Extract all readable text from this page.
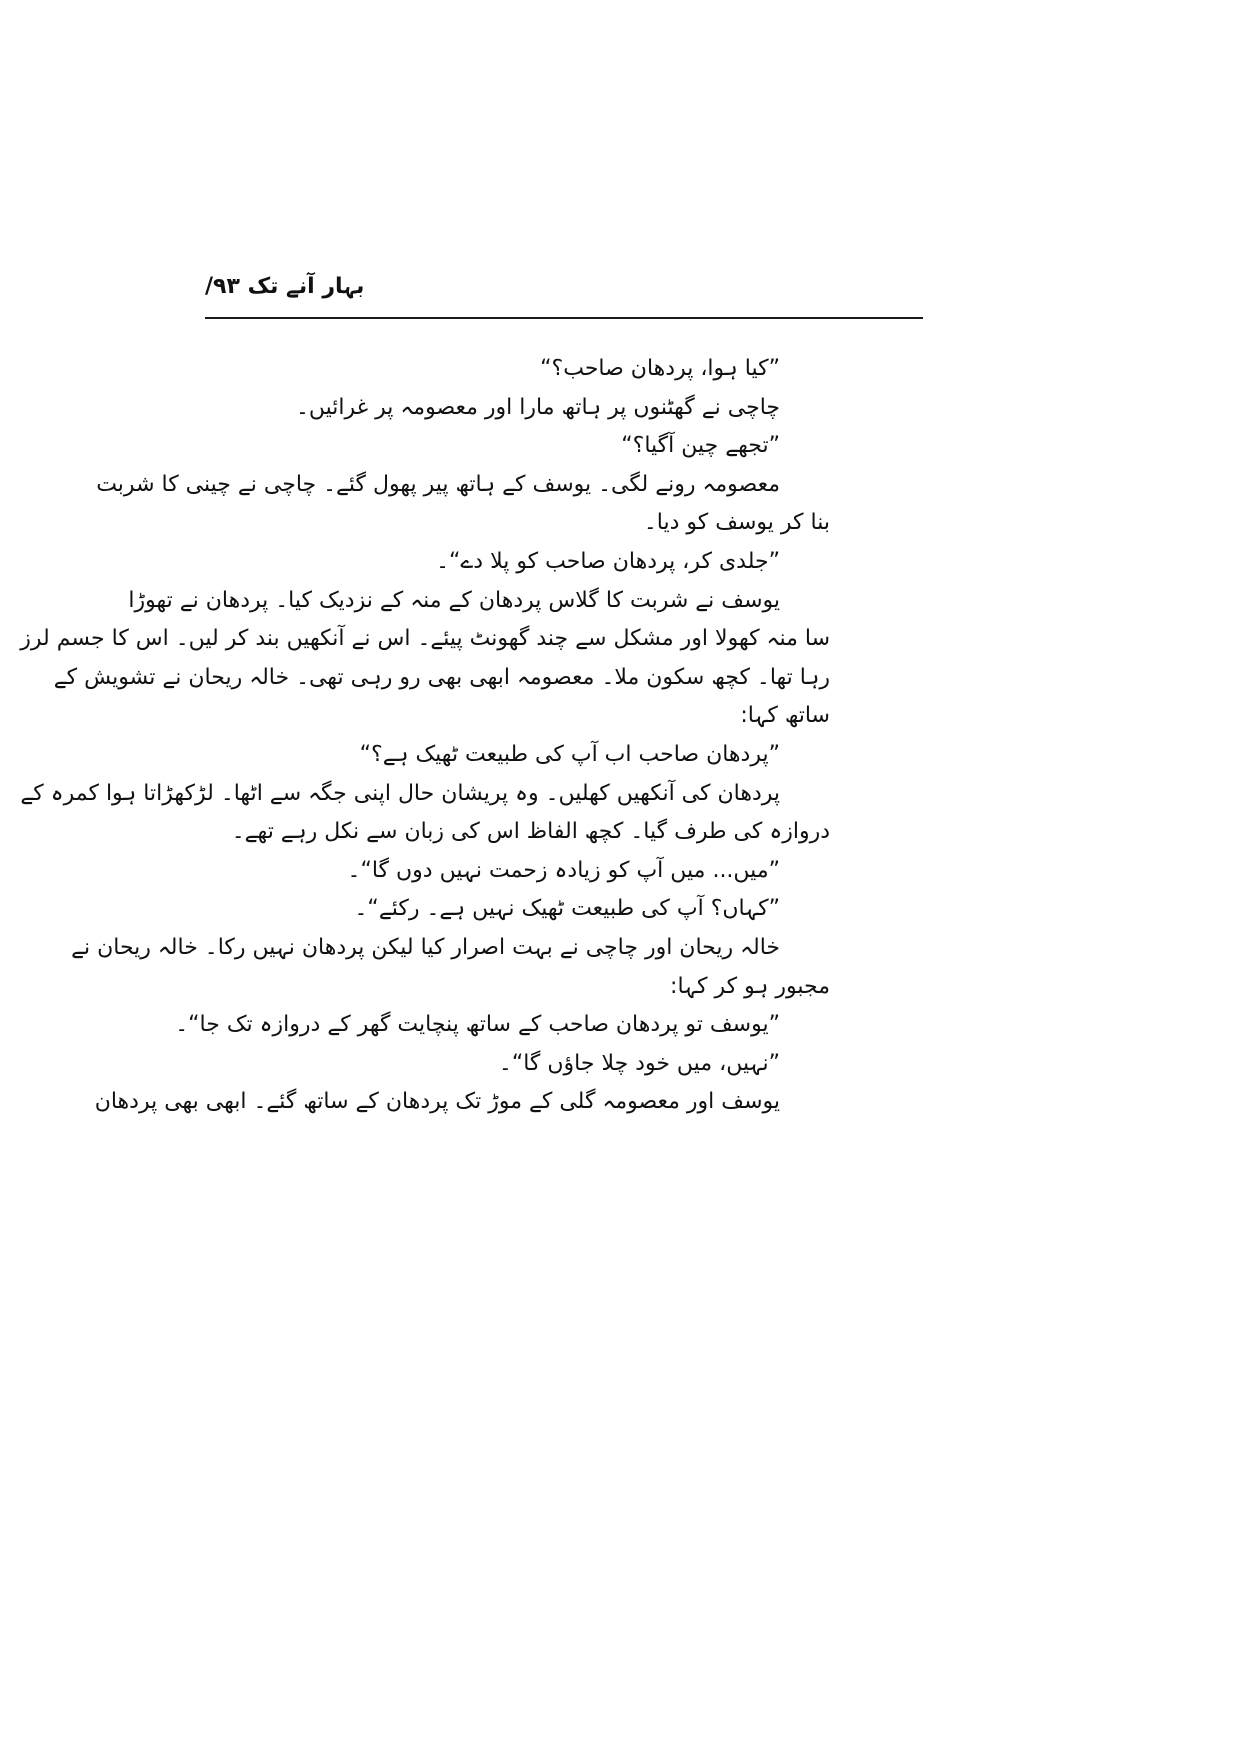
بہار آنے تک ۹۳/
”کیا ہوا، پردھان صاحب؟“
چاچی نے گھٹنوں پر ہاتھ مارا اور معصومہ پر غرائیں۔
”تجھے چین آگیا؟“
معصومہ رونے لگی۔ یوسف کے ہاتھ پیر پھول گئے۔ چاچی نے چینی کا شربت
بنا کر یوسف کو دیا۔
”جلدی کر، پردھان صاحب کو پلا دے“۔
یوسف نے شربت کا گلاس پردھان کے منہ کے نزدیک کیا۔ پردھان نے تھوڑا
سا منہ کھولا اور مشکل سے چند گھونٹ پیئے۔ اس نے آنکھیں بند کر لیں۔ اس کا جسم لرز
رہا تھا۔ کچھ سکون ملا۔ معصومہ ابھی بھی رو رہی تھی۔ خالہ ریحان نے تشویش کے
ساتھ کہا:
”پردھان صاحب اب آپ کی طبیعت ٹھیک ہے؟“
پردھان کی آنکھیں کھلیں۔ وہ پریشان حال اپنی جگہ سے اٹھا۔ لڑکھڑاتا ہوا کمرہ کے
دروازہ کی طرف گیا۔ کچھ الفاظ اس کی زبان سے نکل رہے تھے۔
”میں... میں آپ کو زیادہ زحمت نہیں دوں گا“۔
”کہاں؟ آپ کی طبیعت ٹھیک نہیں ہے۔ رکئے“۔
خالہ ریحان اور چاچی نے بہت اصرار کیا لیکن پردھان نہیں رکا۔ خالہ ریحان نے
مجبور ہو کر کہا:
”یوسف تو پردھان صاحب کے ساتھ پنچایت گھر کے دروازہ تک جا“۔
”نہیں، میں خود چلا جاؤں گا“۔
یوسف اور معصومہ گلی کے موڑ تک پردھان کے ساتھ گئے۔ ابھی بھی پردھان
